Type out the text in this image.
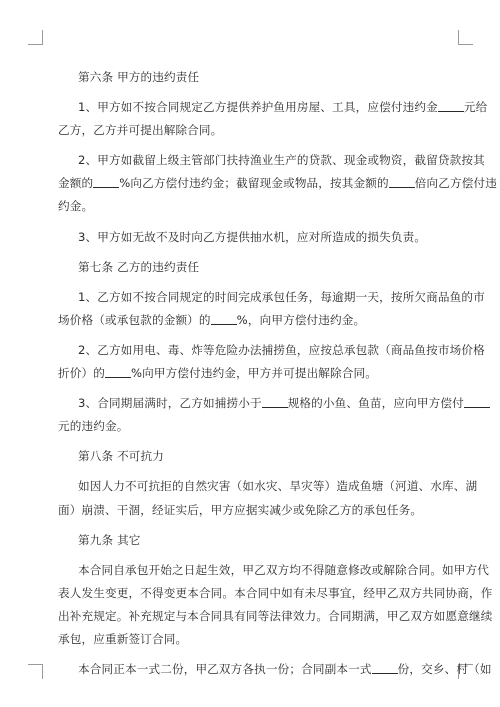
第六条 甲方的违约责任
1、甲方如不按合同规定乙方提供养护鱼用房屋、工具，应偿付违约金 元给
乙方，乙方并可提出解除合同。
2、甲方如截留上级主管部门扶持渔业生产的贷款、现金或物资，截留贷款按其
金额的 %向乙方偿付违约金；截留现金或物品，按其金额的 倍向乙方偿付违
约金。
3、甲方如无故不及时向乙方提供抽水机，应对所造成的损失负责。
第七条 乙方的违约责任
1、乙方如不按合同规定的时间完成承包任务，每逾期一天，按所欠商品鱼的市
场价格（或承包款的金额）的 %，向甲方偿付违约金。
2、乙方如用电、毒、炸等危险办法捕捞鱼，应按总承包款（商品鱼按市场价格
折价）的 %向甲方偿付违约金，甲方并可提出解除合同。
3、合同期届满时，乙方如捕捞小于 规格的小鱼、鱼苗，应向甲方偿付
元的违约金。
第八条 不可抗力
如因人力不可抗拒的自然灾害（如水灾、旱灾等）造成鱼塘（河道、水库、湖
面）崩溃、干涸，经证实后，甲方应据实减少或免除乙方的承包任务。
第九条 其它
本合同自承包开始之日起生效，甲乙双方均不得随意修改或解除合同。如甲方代
表人发生变更，不得变更本合同。本合同中如有未尽事宜，经甲乙双方共同协商，作
出补充规定。补充规定与本合同具有同等法律效力。合同期满，甲乙双方如愿意继续
承包，应重新签订合同。
本合同正本一式二份，甲乙双方各执一份；合同副本一式 份，交乡、村（如
